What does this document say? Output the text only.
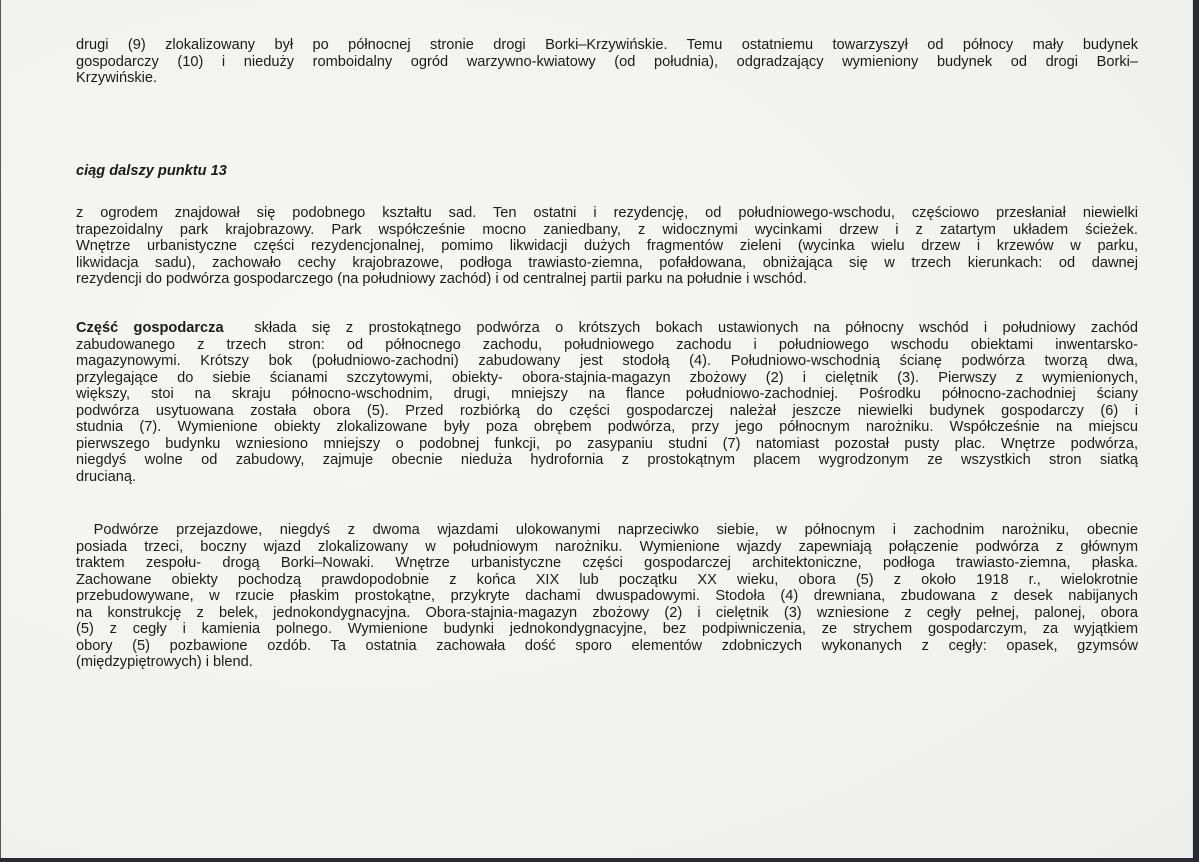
drugi (9) zlokalizowany był po północnej stronie drogi Borki–Krzywińskie. Temu ostatniemu towarzyszył od północy mały budynek
gospodarczy (10) i nieduży romboidalny ogród warzywno-kwiatowy (od południa), odgradzający wymieniony budynek od drogi Borki–
Krzywińskie.
ciąg dalszy punktu 13
z ogrodem znajdował się podobnego kształtu sad. Ten ostatni i rezydencję, od południowego-wschodu, częściowo przesłaniał niewielki
trapezoidalny park krajobrazowy. Park współcześnie mocno zaniedbany, z widocznymi wycinkami drzew i z zatartym układem ścieżek.
Wnętrze urbanistyczne części rezydencjonalnej, pomimo likwidacji dużych fragmentów zieleni (wycinka wielu drzew i krzewów w parku,
likwidacja sadu), zachowało cechy krajobrazowe, podłoga trawiasto-ziemna, pofałdowana, obniżająca się w trzech kierunkach: od dawnej
rezydencji do podwórza gospodarczego (na południowy zachód) i od centralnej partii parku na południe i wschód.
Część gospodarcza  składa się z prostokątnego podwórza o krótszych bokach ustawionych na północny wschód i południowy zachód
zabudowanego z trzech stron: od północnego zachodu, południowego zachodu i południowego wschodu obiektami inwentarsko-
magazynowymi. Krótszy bok (południowo-zachodni) zabudowany jest stodołą (4). Południowo-wschodnią ścianę podwórza tworzą dwa,
przylegające do siebie ścianami szczytowymi, obiekty- obora-stajnia-magazyn zbożowy (2) i cielętnik (3). Pierwszy z wymienionych,
większy, stoi na skraju północno-wschodnim, drugi, mniejszy na flance południowo-zachodniej. Pośrodku północno-zachodniej ściany
podwórza usytuowana została obora (5). Przed rozbiórką do części gospodarczej należał jeszcze niewielki budynek gospodarczy (6) i
studnia (7). Wymienione obiekty zlokalizowane były poza obrębem podwórza, przy jego północnym narożniku. Współcześnie na miejscu
pierwszego budynku wzniesiono mniejszy o podobnej funkcji, po zasypaniu studni (7) natomiast pozostał pusty plac. Wnętrze podwórza,
niegdyś wolne od zabudowy, zajmuje obecnie nieduża hydrofornia z prostokątnym placem wygrodzonym ze wszystkich stron siatką
drucianą.
Podwórze przejazdowe, niegdyś z dwoma wjazdami ulokowanymi naprzeciwko siebie, w północnym i zachodnim narożniku, obecnie
posiada trzeci, boczny wjazd zlokalizowany w południowym narożniku. Wymienione wjazdy zapewniają połączenie podwórza z głównym
traktem zespołu- drogą Borki–Nowaki. Wnętrze urbanistyczne części gospodarczej architektoniczne, podłoga trawiasto-ziemna, płaska.
Zachowane obiekty pochodzą prawdopodobnie z końca XIX lub początku XX wieku, obora (5) z około 1918 r., wielokrotnie
przebudowywane, w rzucie płaskim prostokątne, przykryte dachami dwuspadowymi. Stodoła (4) drewniana, zbudowana z desek nabijanych
na konstrukcję z belek, jednokondygnacyjna. Obora-stajnia-magazyn zbożowy (2) i cielętnik (3) wzniesione z cegły pełnej, palonej, obora
(5) z cegły i kamienia polnego. Wymienione budynki jednokondygnacyjne, bez podpiwniczenia, ze strychem gospodarczym, za wyjątkiem
obory (5) pozbawione ozdób. Ta ostatnia zachowała dość sporo elementów zdobniczych wykonanych z cegły: opasek, gzymsów
(międzypiętrowych) i blend.
